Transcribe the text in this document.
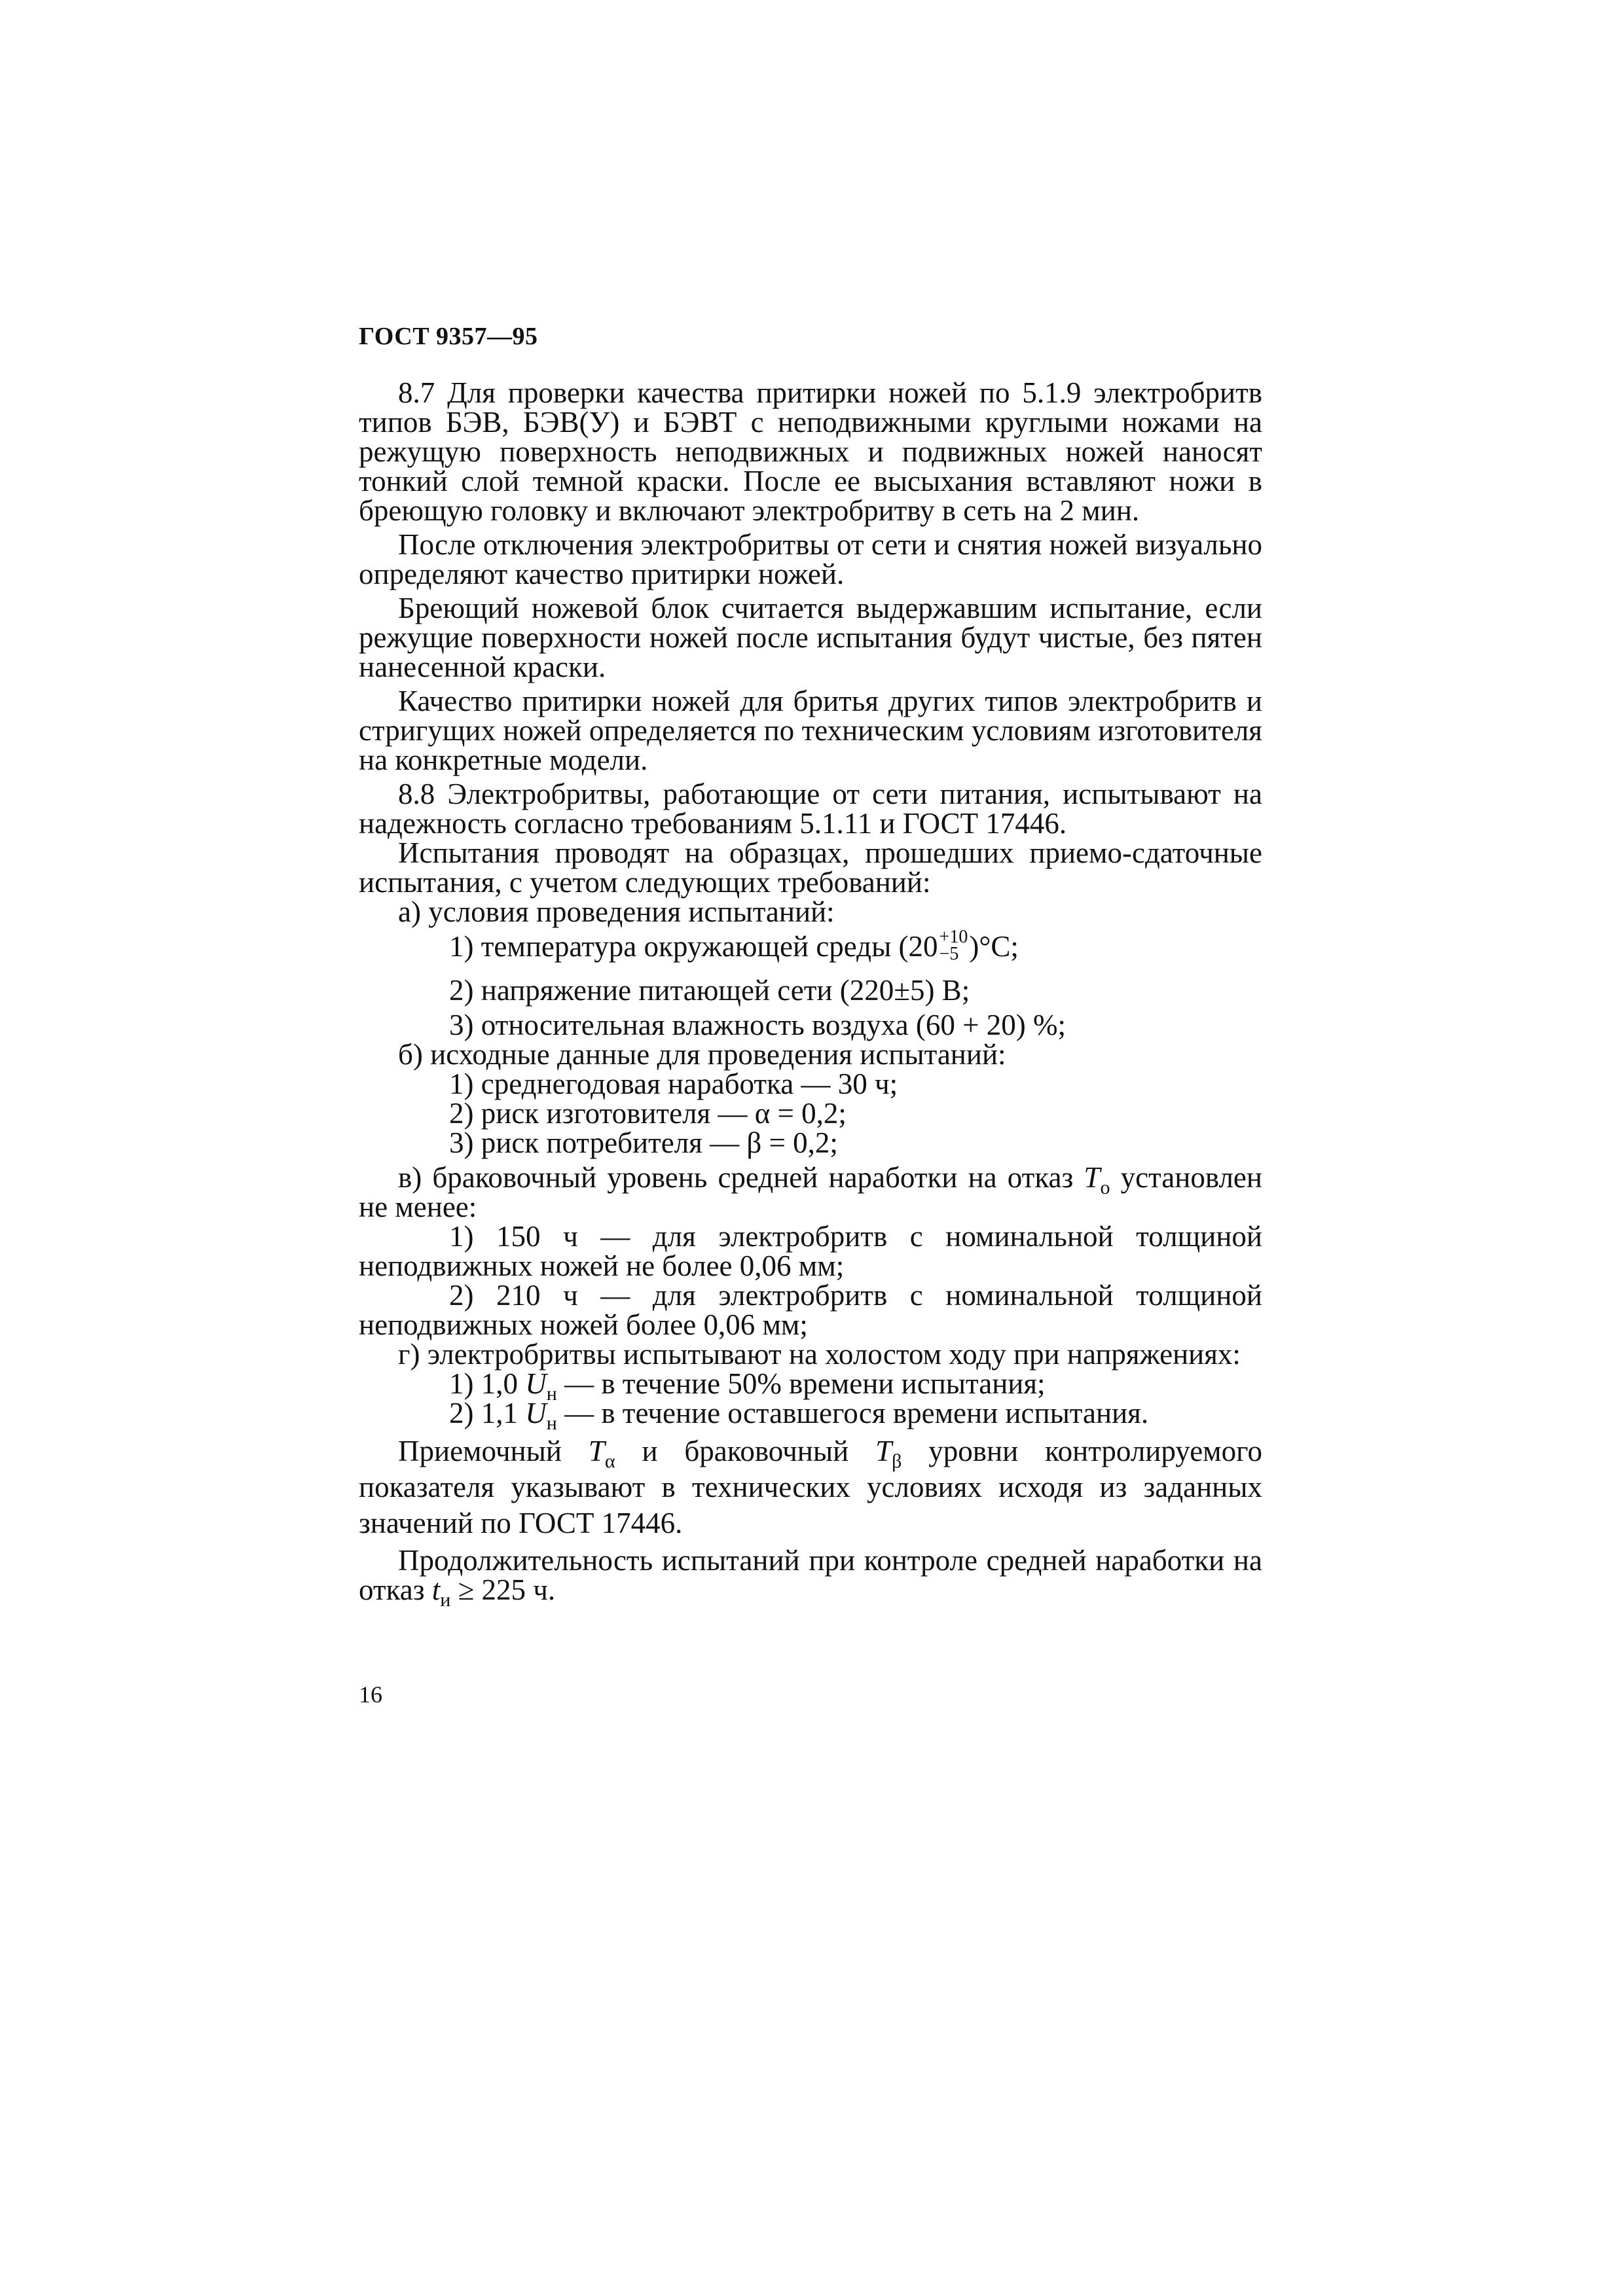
ГОСТ 9357—95

8.7 Для проверки качества притирки ножей по 5.1.9 электробритв типов БЭВ, БЭВ(У) и БЭВТ с неподвижными круглыми ножами на режущую поверхность неподвижных и подвижных ножей наносят тонкий слой темной краски. После ее высыхания вставляют ножи в бреющую головку и включают электробритву в сеть на 2 мин.

После отключения электробритвы от сети и снятия ножей визуально определяют качество притирки ножей.

Бреющий ножевой блок считается выдержавшим испытание, если режущие поверхности ножей после испытания будут чистые, без пятен нанесенной краски.

Качество притирки ножей для бритья других типов электробритв и стригущих ножей определяется по техническим условиям изготовителя на конкретные модели.

8.8 Электробритвы, работающие от сети питания, испытывают на надежность согласно требованиям 5.1.11 и ГОСТ 17446.

Испытания проводят на образцах, прошедших приемо-сдаточные испытания, с учетом следующих требований:

а) условия проведения испытаний:

1) температура окружающей среды (20 +10
−5 )°С;

2) напряжение питающей сети (220±5) В;

3) относительная влажность воздуха (60 + 20) %;

б) исходные данные для проведения испытаний:

1) среднегодовая наработка — 30 ч;

2) риск изготовителя — α = 0,2;

3) риск потребителя — β = 0,2;

в) браковочный уровень средней наработки на отказ $T_о$ установлен не менее:

1) 150 ч — для электробритв с номинальной толщиной неподвижных ножей не более 0,06 мм;

2) 210 ч — для электробритв с номинальной толщиной неподвижных ножей более 0,06 мм;

г) электробритвы испытывают на холостом ходу при напряжениях:

1) 1,0 $U_н$ — в течение 50% времени испытания;

2) 1,1 $U_н$ — в течение оставшегося времени испытания.

Приемочный $T_\alpha$ и браковочный $T_\beta$ уровни контролируемого показателя указывают в технических условиях исходя из заданных значений по ГОСТ 17446.

Продолжительность испытаний при контроле средней наработки на отказ $t_и \ge 225$ ч.

16
